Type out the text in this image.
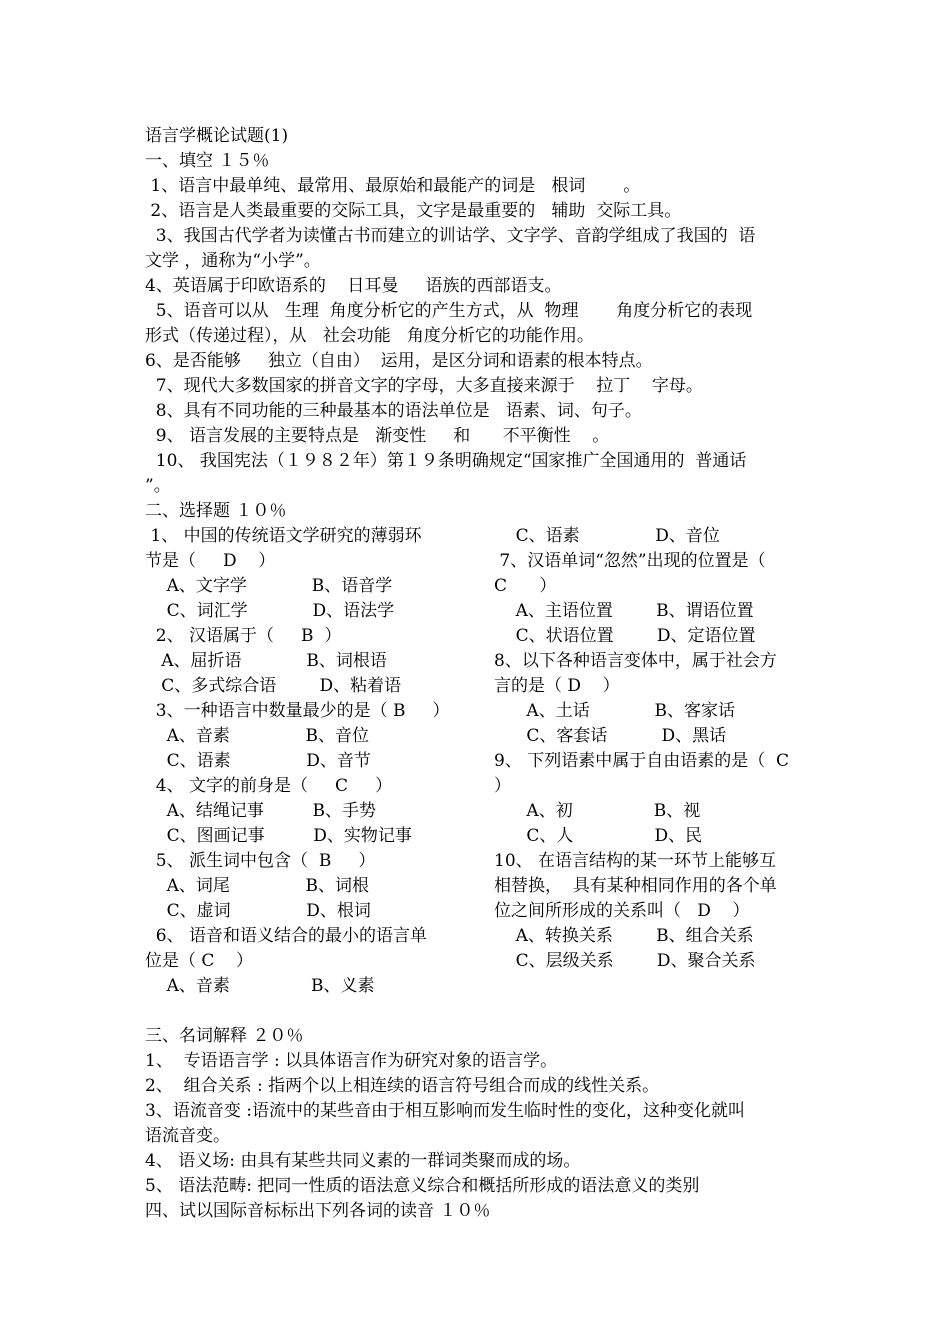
语言学概论试题(1)
一、填空 １５％
1、语言中最单纯、最常用、最原始和最能产的词是   根词       。
2、语言是人类最重要的交际工具，文字是最重要的   辅助  交际工具。
3、我国古代学者为读懂古书而建立的训诂学、文字学、音韵学组成了我国的  语
文学 ，通称为“小学”。
4、英语属于印欧语系的    日耳曼     语族的西部语支。
5、语音可以从   生理  角度分析它的产生方式，从  物理       角度分析它的表现
形式（传递过程），从   社会功能   角度分析它的功能作用。
6、是否能够     独立（自由）  运用，是区分词和语素的根本特点。
7、现代大多数国家的拼音文字的字母，大多直接来源于    拉丁    字母。
8、具有不同功能的三种最基本的语法单位是   语素、词、句子。
9、 语言发展的主要特点是   渐变性     和      不平衡性    。
10、 我国宪法（１９８２年）第１９条明确规定“国家推广全国通用的  普通话
”。
二、选择题 １０％
1、 中国的传统语文学研究的薄弱环
节是（     D    ）
A、文字学            B、语音学
C、词汇学            D、语法学
2、 汉语属于（     B  ）
A、屈折语            B、词根语
C、多式综合语        D、粘着语
3、一种语言中数量最少的是（ B     ）
A、音素              B、音位
C、语素              D、音节
4、 文字的前身是（     C     ）
A、结绳记事         B、手势
C、图画记事         D、实物记事
5、 派生词中包含（  B     ）
A、词尾              B、词根
C、虚词              D、根词
6、 语音和语义结合的最小的语言单
位是（ C    ）
A、音素               B、义素
C、语素              D、音位
7、汉语单词“忽然”出现的位置是（
C      ）
A、主语位置        B、谓语位置
C、状语位置        D、定语位置
8、以下各种语言变体中，属于社会方
言的是（ D    ）
A、土话            B、客家话
C、客套话          D、黑话
9、 下列语素中属于自由语素的是（  C
）
A、初               B、视
C、人               D、民
10、 在语言结构的某一环节上能够互
相替换，  具有某种相同作用的各个单
位之间所形成的关系叫（   D    ）
A、转换关系        B、组合关系
C、层级关系        D、聚合关系
三、名词解释 ２０％
1、  专语语言学 : 以具体语言作为研究对象的语言学。
2、  组合关系 : 指两个以上相连续的语言符号组合而成的线性关系。
3、语流音变 :语流中的某些音由于相互影响而发生临时性的变化，这种变化就叫
语流音变。
4、 语义场: 由具有某些共同义素的一群词类聚而成的场。
5、 语法范畴: 把同一性质的语法意义综合和概括所形成的语法意义的类别
四、试以国际音标标出下列各词的读音 １０％
